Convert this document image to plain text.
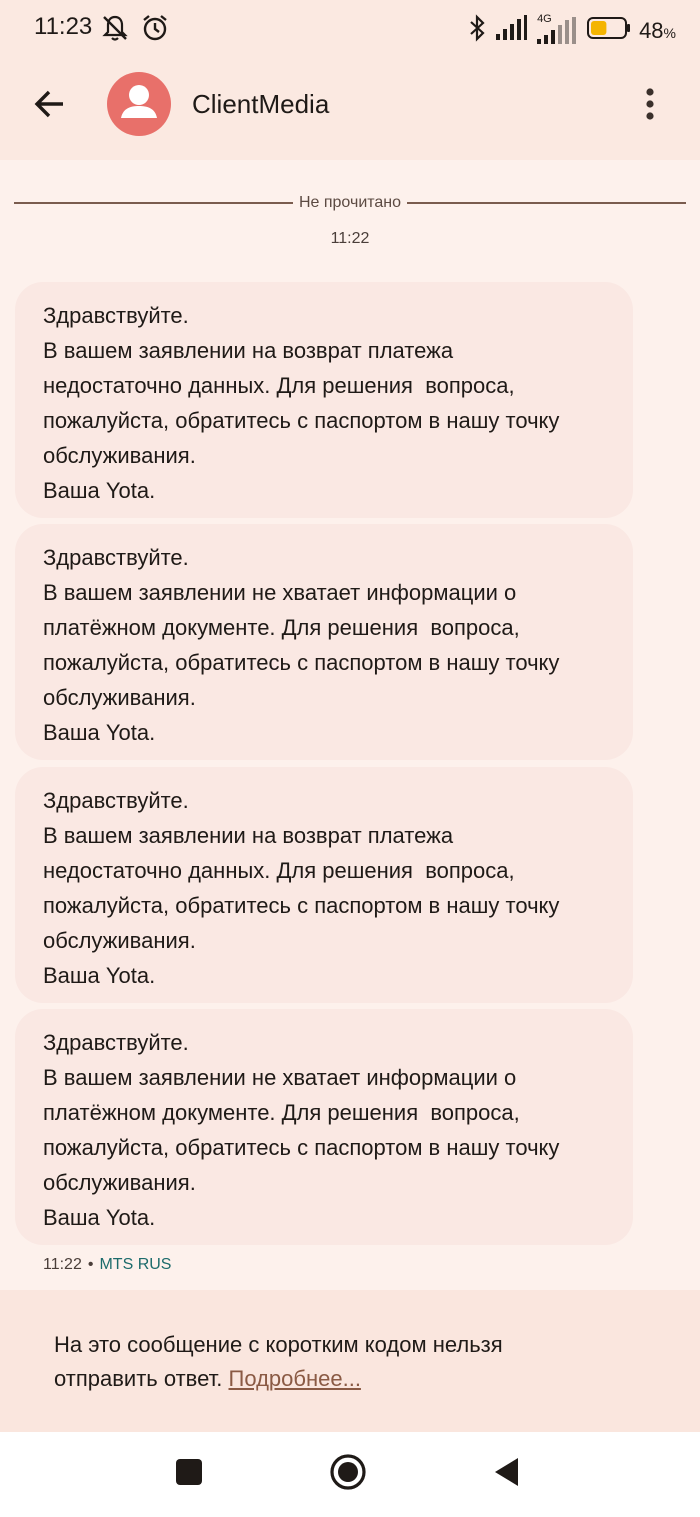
11:23	4G	48%
ClientMedia
Не прочитано
11:22
Здравствуйте.
В вашем заявлении на возврат платежа
недостаточно данных. Для решения  вопроса,
пожалуйста, обратитесь с паспортом в нашу точку
обслуживания.
Ваша Yota.
Здравствуйте.
В вашем заявлении не хватает информации о
платёжном документе. Для решения  вопроса,
пожалуйста, обратитесь с паспортом в нашу точку
обслуживания.
Ваша Yota.
Здравствуйте.
В вашем заявлении на возврат платежа
недостаточно данных. Для решения  вопроса,
пожалуйста, обратитесь с паспортом в нашу точку
обслуживания.
Ваша Yota.
Здравствуйте.
В вашем заявлении не хватает информации о
платёжном документе. Для решения  вопроса,
пожалуйста, обратитесь с паспортом в нашу точку
обслуживания.
Ваша Yota.
11:22 • MTS RUS
На это сообщение с коротким кодом нельзя
отправить ответ. Подробнее...
